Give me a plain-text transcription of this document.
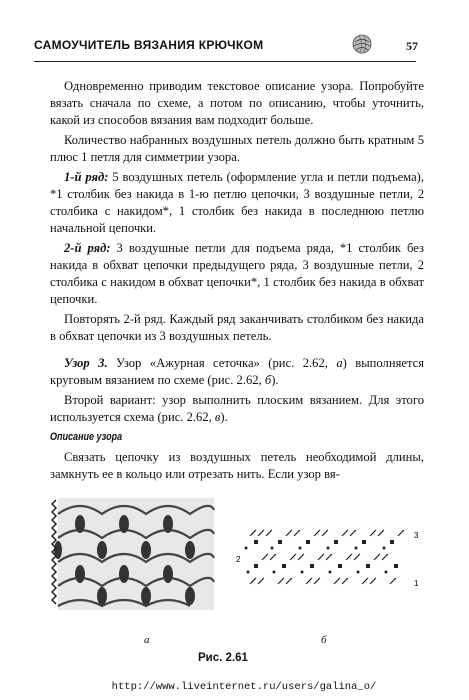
САМОУЧИТЕЛЬ ВЯЗАНИЯ КРЮЧКОМ	57

Одновременно приводим текстовое описание узора. Попробуйте вязать сначала по схеме, а потом по описанию, чтобы уточнить, какой из способов вязания вам подходит больше.

Количество набранных воздушных петель должно быть кратным 5 плюс 1 петля для симметрии узора.

1-й ряд: 5 воздушных петель (оформление угла и петли подъема), *1 столбик без накида в 1-ю петлю цепочки, 3 воздушные петли, 2 столбика с накидом*, 1 столбик без накида в последнюю петлю начальной цепочки.

2-й ряд: 3 воздушные петли для подъема ряда, *1 столбик без накида в обхват цепочки предыдущего ряда, 3 воздушные петли, 2 столбика с накидом в обхват цепочки*, 1 столбик без накида в обхват цепочки.

Повторять 2-й ряд. Каждый ряд заканчивать столбиком без накида в обхват цепочки из 3 воздушных петель.

Узор 3. Узор «Ажурная сеточка» (рис. 2.62, а) выполняется круговым вязанием по схеме (рис. 2.62, б).

Второй вариант: узор выполнить плоским вязанием. Для этого используется схема (рис. 2.62, в).

Описание узора

Связать цепочку из воздушных петель необходимой длины, замкнуть ее в кольцо или отрезать нить. Если узор вя-

3
2
1
а	б
Рис. 2.61
http://www.liveinternet.ru/users/galina_o/
